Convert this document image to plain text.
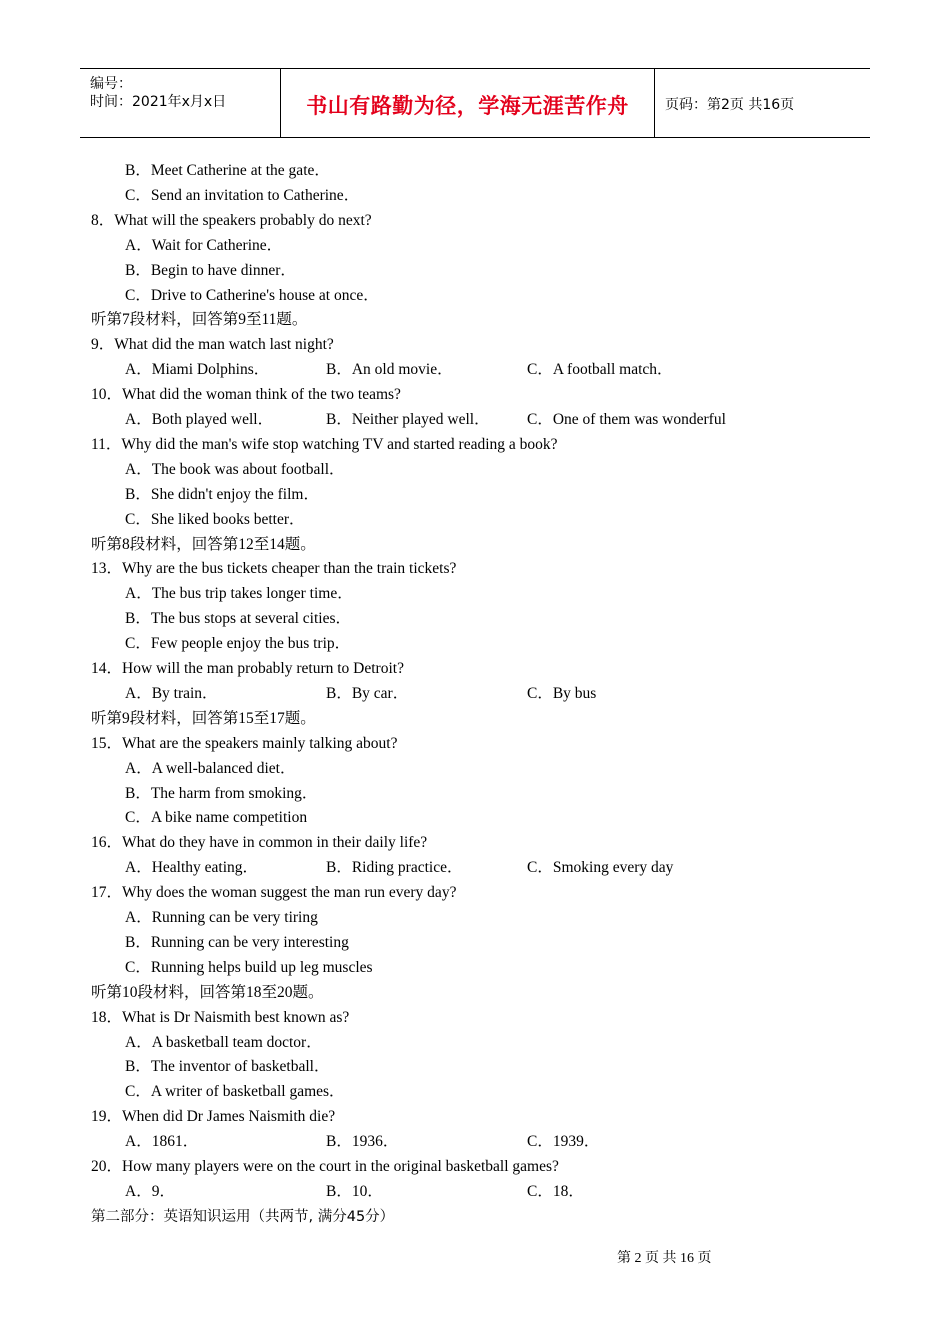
编号：
时间：2021年x月x日	书山有路勤为径，学海无涯苦作舟	页码：第2页 共16页
B．Meet Catherine at the gate．
C．Send an invitation to Catherine．
8．What will the speakers probably do next?
A．Wait for Catherine．
B．Begin to have dinner．
C．Drive to Catherine's house at once．
听第7段材料，回答第9至11题。
9．What did the man watch last night?
A．Miami Dolphins．	B．An old movie．	C．A football match．
10．What did the woman think of the two teams?
A．Both played well．	B．Neither played well． C．One of them was wonderful
11．Why did the man's wife stop watching TV and started reading a book?
A．The book was about football．
B．She didn't enjoy the film．
C．She liked books better．
听第8段材料，回答第12至14题。
13．Why are the bus tickets cheaper than the train tickets?
A．The bus trip takes longer time．
B．The bus stops at several cities．
C．Few people enjoy the bus trip．
14．How will the man probably return to Detroit?
A．By train．	B．By car．	C．By bus
听第9段材料，回答第15至17题。
15．What are the speakers mainly talking about?
A．A well-balanced diet．
B．The harm from smoking．
C．A bike name competition
16．What do they have in common in their daily life?
A．Healthy eating．	B．Riding practice．	C．Smoking every day
17．Why does the woman suggest the man run every day?
A．Running can be very tiring
B．Running can be very interesting
C．Running helps build up leg muscles
听第10段材料，回答第18至20题。
18．What is Dr Naismith best known as?
A．A basketball team doctor．
B．The inventor of basketball．
C．A writer of basketball games．
19．When did Dr James Naismith die?
A．1861．	B．1936．	C．1939．
20．How many players were on the court in the original basketball games?
A．9．	B．10．	C．18．
第二部分：英语知识运用（共两节, 满分45分）
第 2 页 共 16 页
